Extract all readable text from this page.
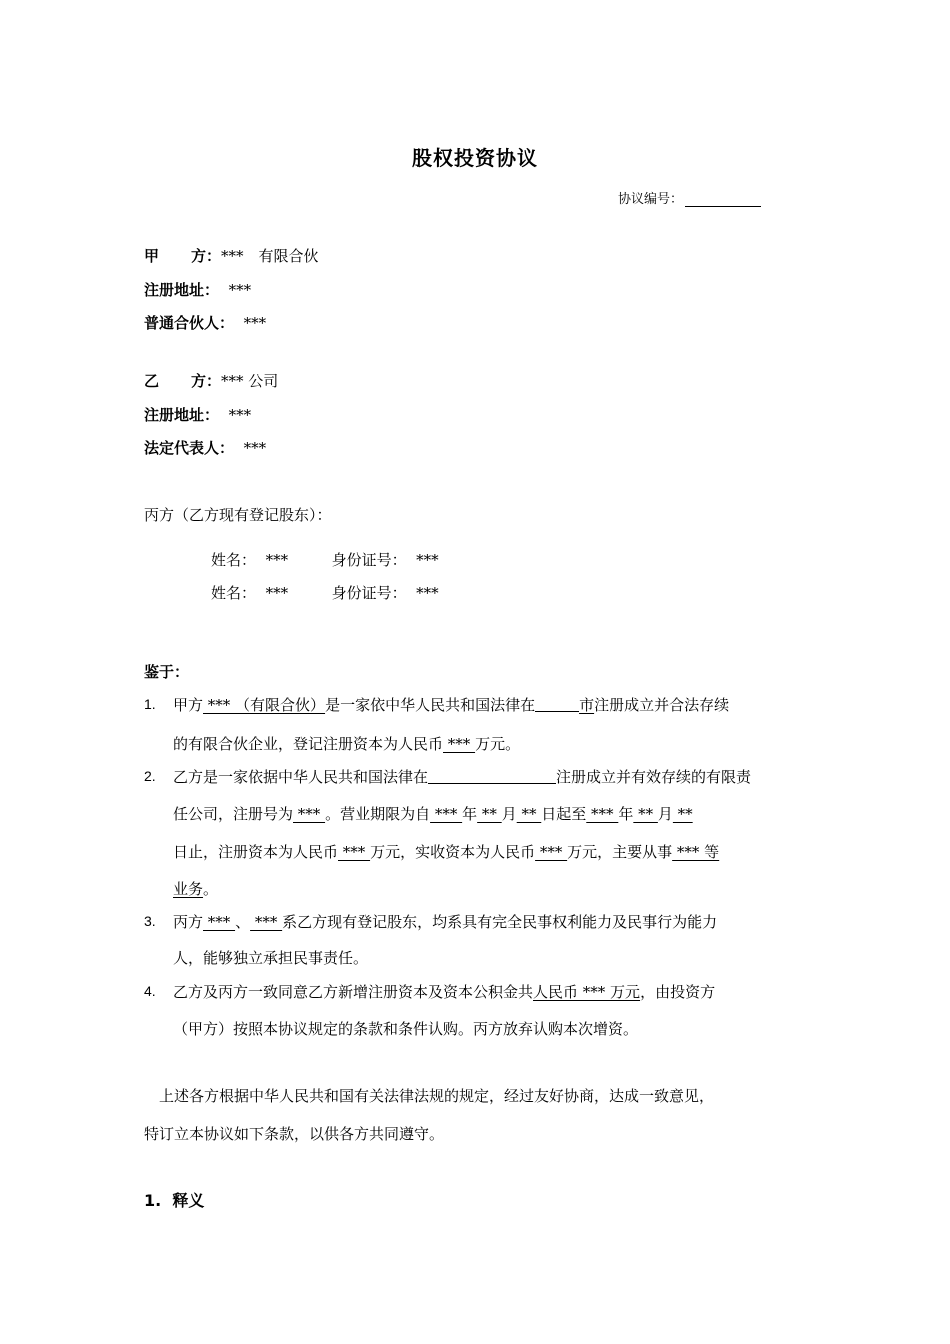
股权投资协议
协议编号：
甲 方：***　有限合伙
注册地址： ***
普通合伙人： ***
乙 方：*** 公司
注册地址： ***
法定代表人： ***
丙方（乙方现有登记股东）：
姓名： ***	身份证号： ***
姓名： ***	身份证号： ***
鉴于：
1. 甲方 *** （有限合伙）是一家依中华人民共和国法律在	市注册成立并合法存续
的有限合伙企业，登记注册资本为人民币 *** 万元。
2. 乙方是一家依据中华人民共和国法律在	注册成立并有效存续的有限责
任公司，注册号为 *** 。营业期限为自 *** 年 ** 月 ** 日起至 *** 年 ** 月 **
日止，注册资本为人民币 *** 万元，实收资本为人民币 *** 万元，主要从事 *** 等
业务。
3. 丙方 *** 、 *** 系乙方现有登记股东，均系具有完全民事权利能力及民事行为能力
人，能够独立承担民事责任。
4. 乙方及丙方一致同意乙方新增注册资本及资本公积金共人民币 *** 万元，由投资方
（甲方）按照本协议规定的条款和条件认购。丙方放弃认购本次增资。
　上述各方根据中华人民共和国有关法律法规的规定，经过友好协商，达成一致意见，
特订立本协议如下条款，以供各方共同遵守。
1. 释义
